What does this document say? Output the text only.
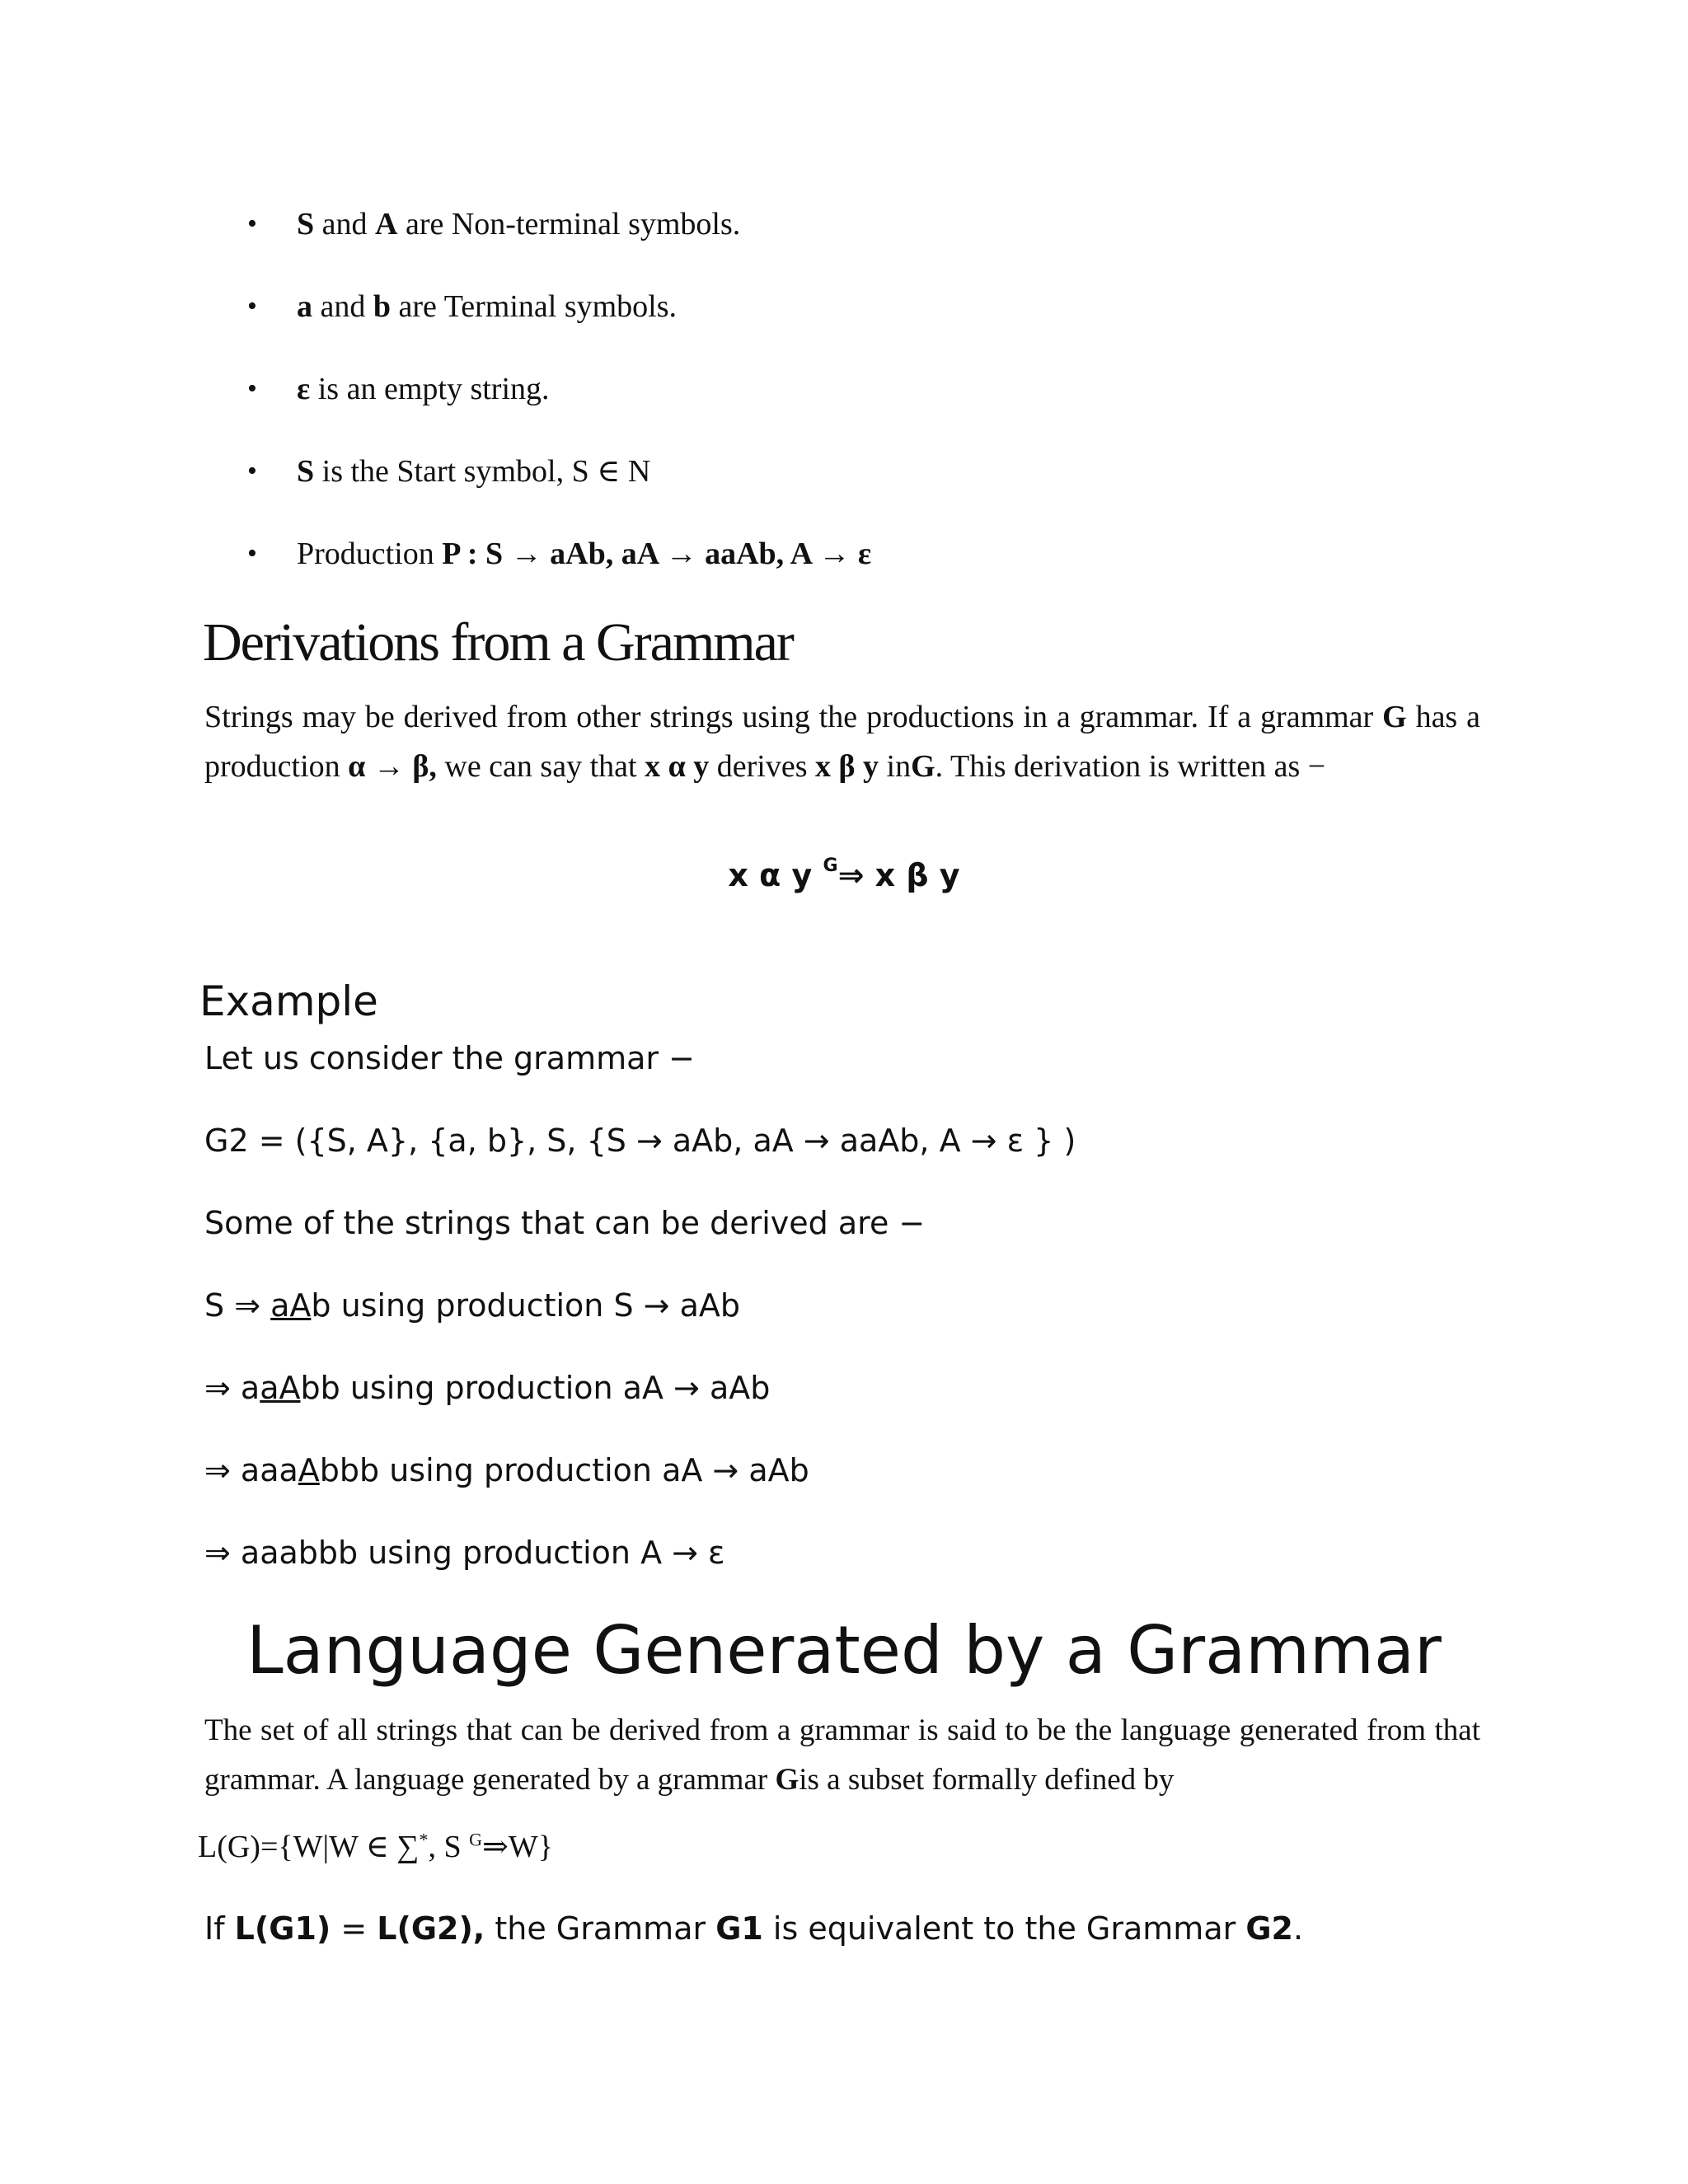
• S and A are Non-terminal symbols.
• a and b are Terminal symbols.
• ε is an empty string.
• S is the Start symbol, S ∈ N
• Production P : S → aAb, aA → aaAb, A → ε
Derivations from a Grammar

Strings may be derived from other strings using the productions in a grammar. If a grammar G has a production α → β, we can say that x α y derives x β y inG. This derivation is written as −

x α y $^G$⇒ x β y

Example

Let us consider the grammar −

G2 = ({S, A}, {a, b}, S, {S → aAb, aA → aaAb, A → ε } )

Some of the strings that can be derived are −

S ⇒ aAb using production S → aAb

⇒ aaAbb using production aA → aAb

⇒ aaaAbbb using production aA → aAb

⇒ aaabbb using production A → ε

Language Generated by a Grammar

The set of all strings that can be derived from a grammar is said to be the language generated from that grammar. A language generated by a grammar Gis a subset formally defined by

L(G)={W|W ∈ ∑*, S $^G$⇒W}

If L(G1) = L(G2), the Grammar G1 is equivalent to the Grammar G2.
